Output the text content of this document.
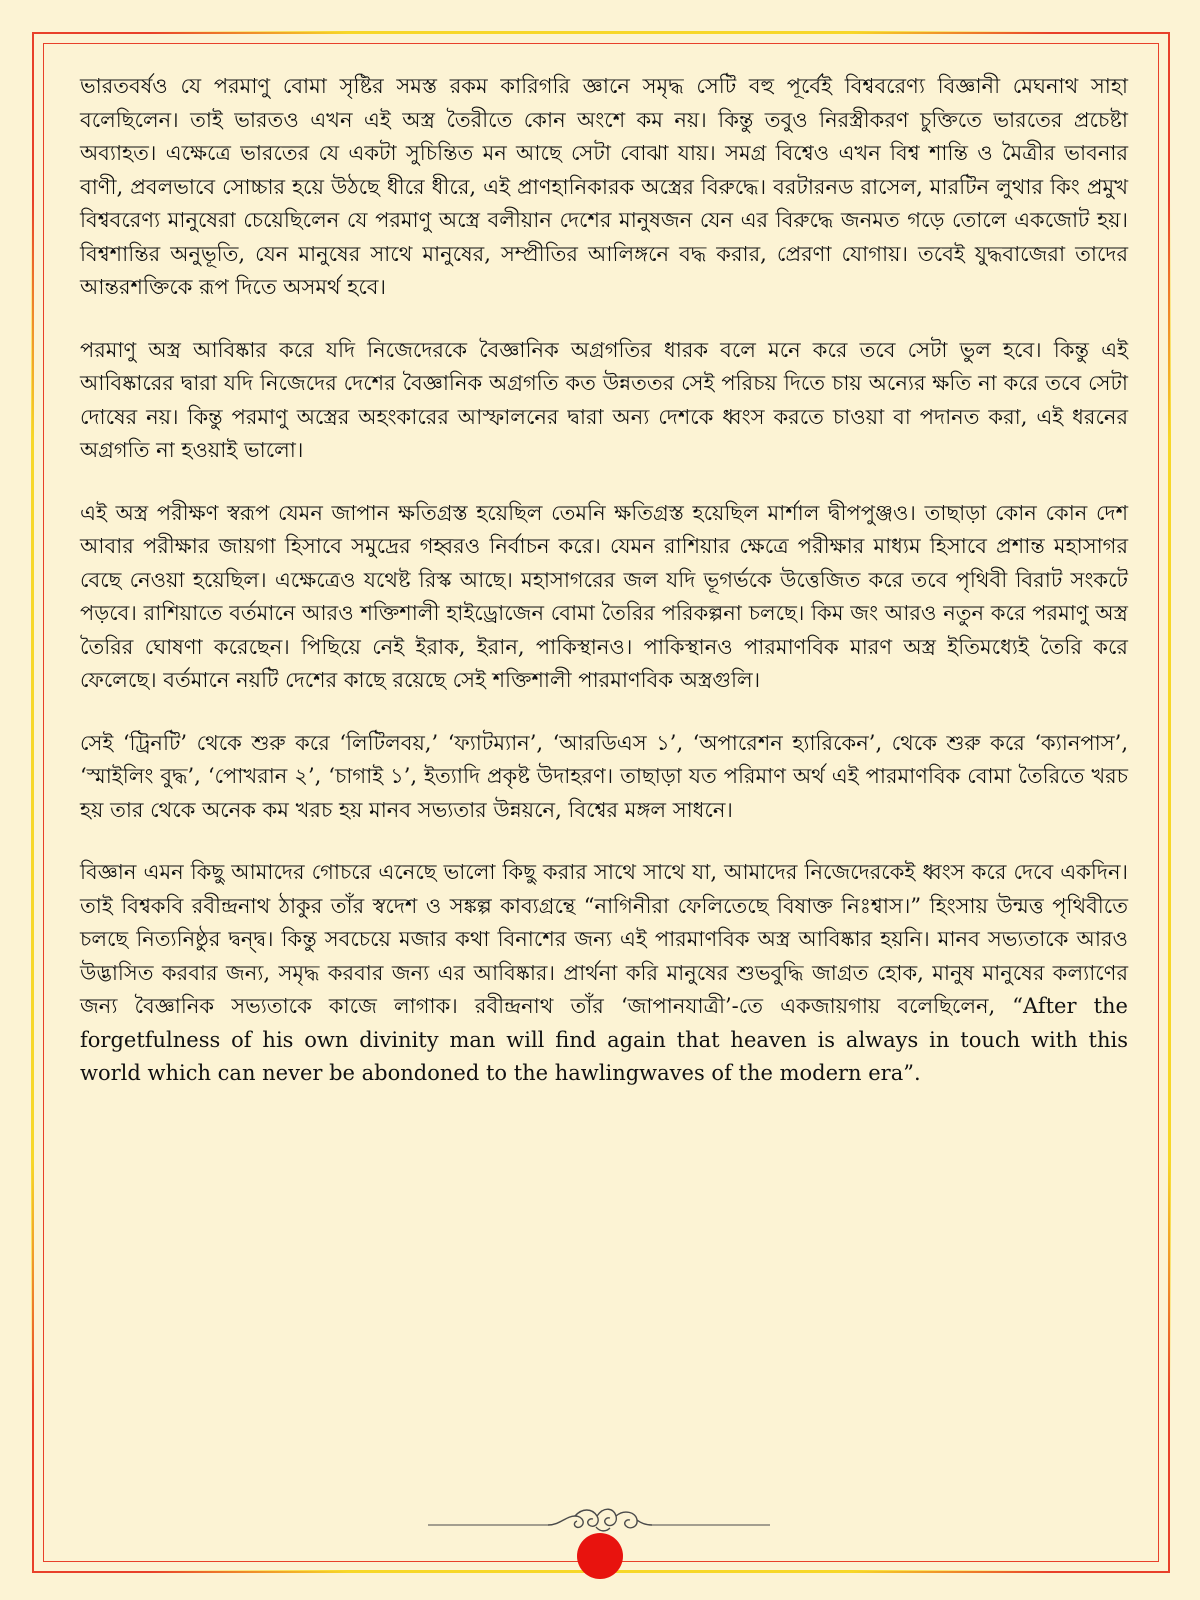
ভারতবর্ষও যে পরমাণু বোমা সৃষ্টির সমস্ত রকম কারিগরি জ্ঞানে সমৃদ্ধ সেটি বহু পূর্বেই বিশ্ববরেণ্য বিজ্ঞানী মেঘনাথ সাহা বলেছিলেন। তাই ভারতও এখন এই অস্ত্র তৈরীতে কোন অংশে কম নয়। কিন্তু তবুও নিরস্ত্রীকরণ চুক্তিতে ভারতের প্রচেষ্টা অব্যাহত। এক্ষেত্রে ভারতের যে একটা সুচিন্তিত মন আছে সেটা বোঝা যায়। সমগ্র বিশ্বেও এখন বিশ্ব শান্তি ও মৈত্রীর ভাবনার বাণী, প্রবলভাবে সোচ্চার হয়ে উঠছে ধীরে ধীরে, এই প্রাণহানিকারক অস্ত্রের বিরুদ্ধে। বরটারনড রাসেল, মারটিন লুথার কিং প্রমুখ বিশ্ববরেণ্য মানুষেরা চেয়েছিলেন যে পরমাণু অস্ত্রে বলীয়ান দেশের মানুষজন যেন এর বিরুদ্ধে জনমত গড়ে তোলে একজোট হয়। বিশ্বশান্তির অনুভূতি, যেন মানুষের সাথে মানুষের, সম্প্রীতির আলিঙ্গনে বদ্ধ করার, প্রেরণা যোগায়। তবেই যুদ্ধবাজেরা তাদের আন্তরশক্তিকে রূপ দিতে অসমর্থ হবে।

পরমাণু অস্ত্র আবিষ্কার করে যদি নিজেদেরকে বৈজ্ঞানিক অগ্রগতির ধারক বলে মনে করে তবে সেটা ভুল হবে। কিন্তু এই আবিষ্কারের দ্বারা যদি নিজেদের দেশের বৈজ্ঞানিক অগ্রগতি কত উন্নততর সেই পরিচয় দিতে চায় অন্যের ক্ষতি না করে তবে সেটা দোষের নয়। কিন্তু পরমাণু অস্ত্রের অহংকারের আস্ফালনের দ্বারা অন্য দেশকে ধ্বংস করতে চাওয়া বা পদানত করা, এই ধরনের অগ্রগতি না হওয়াই ভালো।

এই অস্ত্র পরীক্ষণ স্বরূপ যেমন জাপান ক্ষতিগ্রস্ত হয়েছিল তেমনি ক্ষতিগ্রস্ত হয়েছিল মার্শাল দ্বীপপুঞ্জও। তাছাড়া কোন কোন দেশ আবার পরীক্ষার জায়গা হিসাবে সমুদ্রের গহ্বরও নির্বাচন করে। যেমন রাশিয়ার ক্ষেত্রে পরীক্ষার মাধ্যম হিসাবে প্রশান্ত মহাসাগর বেছে নেওয়া হয়েছিল। এক্ষেত্রেও যথেষ্ট রিস্ক আছে। মহাসাগরের জল যদি ভূগর্ভকে উত্তেজিত করে তবে পৃথিবী বিরাট সংকটে পড়বে। রাশিয়াতে বর্তমানে আরও শক্তিশালী হাইড্রোজেন বোমা তৈরির পরিকল্পনা চলছে। কিম জং আরও নতুন করে পরমাণু অস্ত্র তৈরির ঘোষণা করেছেন। পিছিয়ে নেই ইরাক, ইরান, পাকিস্থানও। পাকিস্থানও পারমাণবিক মারণ অস্ত্র ইতিমধ্যেই তৈরি করে ফেলেছে। বর্তমানে নয়টি দেশের কাছে রয়েছে সেই শক্তিশালী পারমাণবিক অস্ত্রগুলি।

সেই ‘ট্রিনটি’ থেকে শুরু করে ‘লিটিলবয়,’ ‘ফ্যাটম্যান’, ‘আরডিএস ১’, ‘অপারেশন হ্যারিকেন’, থেকে শুরু করে ‘ক্যানপাস’, ‘স্মাইলিং বুদ্ধ’, ‘পোখরান ২’, ‘চাগাই ১’, ইত্যাদি প্রকৃষ্ট উদাহরণ। তাছাড়া যত পরিমাণ অর্থ এই পারমাণবিক বোমা তৈরিতে খরচ হয় তার থেকে অনেক কম খরচ হয় মানব সভ্যতার উন্নয়নে, বিশ্বের মঙ্গল সাধনে।

বিজ্ঞান এমন কিছু আমাদের গোচরে এনেছে ভালো কিছু করার সাথে সাথে যা, আমাদের নিজেদেরকেই ধ্বংস করে দেবে একদিন। তাই বিশ্বকবি রবীন্দ্রনাথ ঠাকুর তাঁর স্বদেশ ও সঙ্কল্প কাব্যগ্রন্থে “নাগিনীরা ফেলিতেছে বিষাক্ত নিঃশ্বাস।” হিংসায় উন্মত্ত পৃথিবীতে চলছে নিত্যনিষ্ঠুর দ্বন্দ্ব। কিন্তু সবচেয়ে মজার কথা বিনাশের জন্য এই পারমাণবিক অস্ত্র আবিষ্কার হয়নি। মানব সভ্যতাকে আরও উদ্ভাসিত করবার জন্য, সমৃদ্ধ করবার জন্য এর আবিষ্কার। প্রার্থনা করি মানুষের শুভবুদ্ধি জাগ্রত হোক, মানুষ মানুষের কল্যাণের জন্য বৈজ্ঞানিক সভ্যতাকে কাজে লাগাক। রবীন্দ্রনাথ তাঁর ‘জাপানযাত্রী’-তে একজায়গায় বলেছিলেন, “After the forgetfulness of his own divinity man will find again that heaven is always in touch with this world which can never be abondoned to the hawlingwaves of the modern era”.
